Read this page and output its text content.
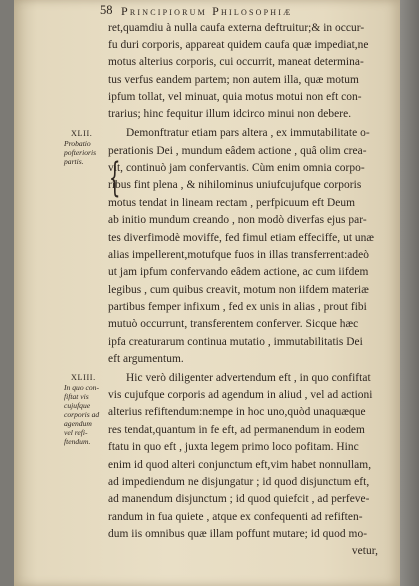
58 Principiorum Philosophiæ
{
ret,quamdiu à nulla caufa externa deftruitur;& in occur-
fu duri corporis, appareat quidem caufa quæ impediat,ne
motus alterius corporis, cui occurrit, maneat determina-
tus verfus eandem partem; non autem illa, quæ motum
ipfum tollat, vel minuat, quia motus motui non eft con-
trarius; hinc fequitur illum idcirco minui non debere.
Demonftratur etiam pars altera , ex immutabilitate o-
perationis Dei , mundum eâdem actione , quâ olim crea-
vit, continuò jam confervantis. Cùm enim omnia corpo-
ribus fint plena , & nihilominus uniufcujufque corporis
motus tendat in lineam rectam , perfpicuum eft Deum
ab initio mundum creando , non modò diverfas ejus par-
tes diverfimodè moviffe, fed fimul etiam effeciffe, ut unæ
alias impellerent,motufque fuos in illas transferrent:adeò
ut jam ipfum confervando eâdem actione, ac cum iifdem
legibus , cum quibus creavit, motum non iifdem materiæ
partibus femper infixum , fed ex unis in alias , prout fibi
mutuò occurrunt, transferentem conferver. Sicque hæc
ipfa creaturarum continua mutatio , immutabilitatis Dei
eft argumentum.
Hic verò diligenter advertendum eft , in quo confiftat
vis cujufque corporis ad agendum in aliud , vel ad actioni
alterius refiftendum:nempe in hoc uno,quòd unaquæque
res tendat,quantum in fe eft, ad permanendum in eodem
ftatu in quo eft , juxta legem primo loco pofitam. Hinc
enim id quod alteri conjunctum eft,vim habet nonnullam,
ad impediendum ne disjungatur ; id quod disjunctum eft,
ad manendum disjunctum ; id quod quiefcit , ad perfeve-
randum in fua quiete , atque ex confequenti ad refiften-
dum iis omnibus quæ illam poffunt mutare; id quod mo-
vetur,
XLII.
Probatio
pofterioris
partis.
XLIII.
In quo con-
fiftat vis
cujufque
corporis ad
agendum
vel refi-
ftendum.
